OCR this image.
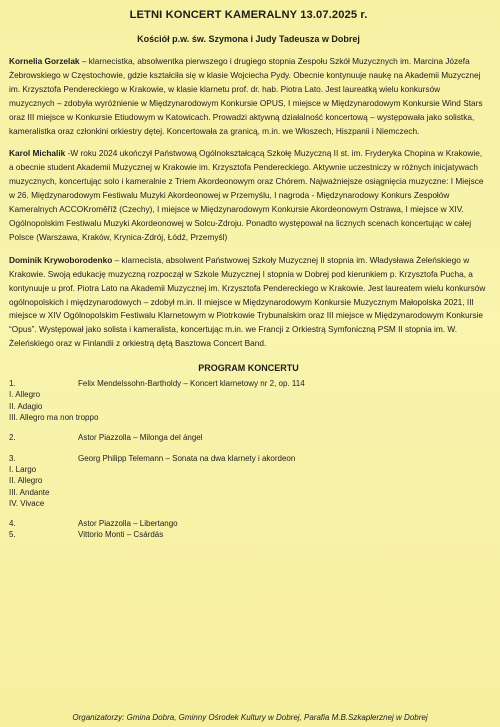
LETNI KONCERT KAMERALNY 13.07.2025 r.

Kościół p.w. św. Szymona i Judy Tadeusza w Dobrej

Kornelia Gorzelak – klarnecistka, absolwentka pierwszego i drugiego stopnia Zespołu Szkół Muzycznych im. Marcina Józefa Żebrowskiego w Częstochowie, gdzie kształciła się w klasie Wojciecha Pydy. Obecnie kontynuuje naukę na Akademii Muzycznej im. Krzysztofa Pendereckiego w Krakowie, w klasie klarnetu prof. dr. hab. Piotra Lato. Jest laureatką wielu konkursów muzycznych – zdobyła wyróżnienie w Międzynarodowym Konkursie OPUS, I miejsce w Międzynarodowym Konkursie Wind Stars oraz III miejsce w Konkursie Etiudowym w Katowicach. Prowadzi aktywną działalność koncertową – występowała jako solistka, kameralistka oraz członkini orkiestry dętej. Koncertowała za granicą, m.in. we Włoszech, Hiszpanii i Niemczech.

Karol Michalik -W roku 2024 ukończył Państwową Ogólnokształcącą Szkołę Muzyczną II st. im. Fryderyka Chopina w Krakowie, a obecnie student Akademii Muzycznej w Krakowie im. Krzysztofa Pendereckiego. Aktywnie uczestniczy w różnych inicjatywach muzycznych, koncertując solo i kameralnie z Triem Akordeonowym oraz Chórem. Najważniejsze osiągnięcia muzyczne: I Miejsce w 26. Międzynarodowym Festiwalu Muzyki Akordeonowej w Przemyślu, I nagroda - Międzynarodowy Konkurs Zespołów Kameralnych ACCOKroměříž (Czechy), I miejsce w Międzynarodowym Konkursie Akordeonowym Ostrawa, I miejsce w XIV. Ogólnopolskim Festiwalu Muzyki Akordeonowej w Solcu-Zdroju. Ponadto występował na licznych scenach koncertując w całej Polsce (Warszawa, Kraków, Krynica-Zdrój, Łódź, Przemyśl)

Dominik Krywoborodenko – klarnecista, absolwent Państwowej Szkoły Muzycznej II stopnia im. Władysława Żeleńskiego w Krakowie. Swoją edukację muzyczną rozpoczął w Szkole Muzycznej I stopnia w Dobrej pod kierunkiem p. Krzysztofa Pucha, a kontynuuje u prof. Piotra Lato na Akademii Muzycznej im. Krzysztofa Pendereckiego w Krakowie. Jest laureatem wielu konkursów ogólnopolskich i międzynarodowych – zdobył m.in. II miejsce w Międzynarodowym Konkursie Muzycznym Małopolska 2021, III miejsce w XIV Ogólnopolskim Festiwalu Klarnetowym w Piotrkowie Trybunalskim oraz III miejsce w Międzynarodowym Konkursie “Opus”. Występował jako solista i kameralista, koncertując m.in. we Francji z Orkiestrą Symfoniczną PSM II stopnia im. W. Żeleńskiego oraz w Finlandii z orkiestrą dętą Basztowa Concert Band.

PROGRAM KONCERTU
1.	Felix Mendelssohn-Bartholdy – Koncert klarnetowy nr 2, op. 114
I. Allegro
II. Adagio
III. Allegro ma non troppo
2.	Astor Piazzolla – Milonga del ángel
3.	Georg Philipp Telemann – Sonata na dwa klarnety i akordeon
I. Largo
II. Allegro
III. Andante
IV. Vivace
4.	Astor Piazzolla – Libertango
5.	Vittorio Monti – Csárdás
Organizatorzy: Gmina Dobra, Gminny Ośrodek Kultury w Dobrej, Parafia M.B.Szkaplerznej w Dobrej
